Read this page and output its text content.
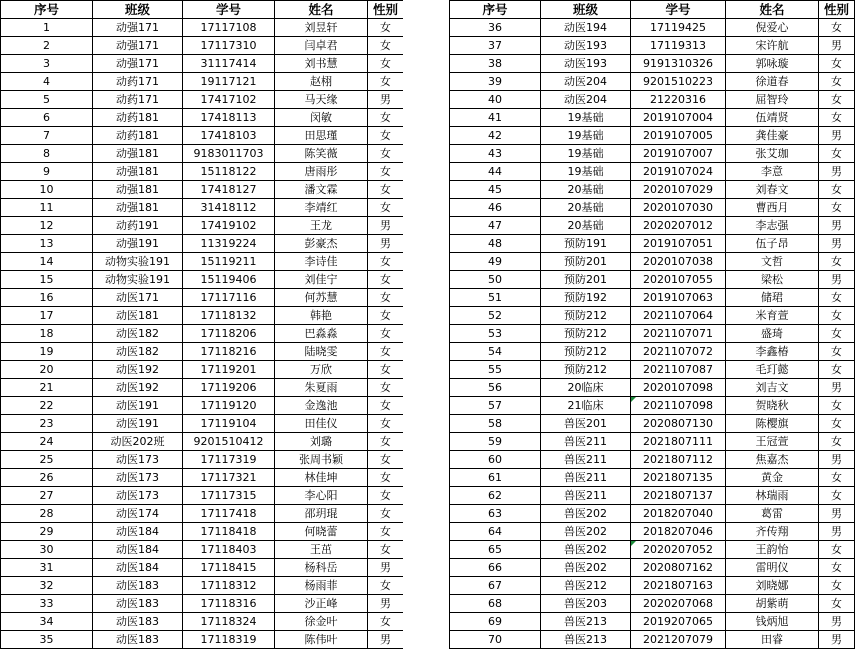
序号	班级	学号	姓名	性别
1	动强171	17117108	刘昱轩	女
2	动强171	17117310	闫卓君	女
3	动强171	31117414	刘书慧	女
4	动药171	19117121	赵栩	女
5	动药171	17417102	马天缘	男
6	动药181	17418113	闵敏	女
7	动药181	17418103	田思瑾	女
8	动强181	9183011703	陈笑薇	女
9	动强181	15118122	唐雨彤	女
10	动强181	17418127	潘文霖	女
11	动强181	31418112	李靖红	女
12	动药191	17419102	王龙	男
13	动强191	11319224	彭豪杰	男
14	动物实验191	15119211	李诗佳	女
15	动物实验191	15119406	刘佳宁	女
16	动医171	17117116	何苏慧	女
17	动医181	17118132	韩艳	女
18	动医182	17118206	巴淼淼	女
19	动医182	17118216	陆晓雯	女
20	动医192	17119201	万欣	女
21	动医192	17119206	朱夏雨	女
22	动医191	17119120	金逸池	女
23	动医191	17119104	田佳仪	女
24	动医202班	9201510412	刘璐	女
25	动医173	17117319	张周书颖	女
26	动医173	17117321	林佳坤	女
27	动医173	17117315	李心阳	女
28	动医174	17117418	邵玥琨	女
29	动医184	17118418	何晓蕾	女
30	动医184	17118403	王茁	女
31	动医184	17118415	杨科岳	男
32	动医183	17118312	杨雨菲	女
33	动医183	17118316	沙正峰	男
34	动医183	17118324	徐金叶	女
35	动医183	17118319	陈伟叶	男
序号	班级	学号	姓名	性别
36	动医194	17119425	倪爱心	女
37	动医193	17119313	宋许航	男
38	动医193	9191310326	郭咏璇	女
39	动医204	9201510223	徐道春	女
40	动医204	21220316	屈智玲	女
41	19基础	2019107004	伍靖贤	女
42	19基础	2019107005	龚佳豪	男
43	19基础	2019107007	张艾珈	女
44	19基础	2019107024	李意	男
45	20基础	2020107029	刘春文	女
46	20基础	2020107030	曹西月	女
47	20基础	2020207012	李志强	男
48	预防191	2019107051	伍子昂	男
49	预防201	2020107038	文哲	女
50	预防201	2020107055	梁松	男
51	预防192	2019107063	储珺	女
52	预防212	2021107064	米育萱	女
53	预防212	2021107071	盛琦	女
54	预防212	2021107072	李鑫椿	女
55	预防212	2021107087	毛玎懿	女
56	20临床	2020107098	刘吉文	男
57	21临床	2021107098	贺晓秋	女
58	兽医201	2020807130	陈樱旗	女
59	兽医211	2021807111	王冠萱	女
60	兽医211	2021807112	焦嘉杰	男
61	兽医211	2021807135	黄金	女
62	兽医211	2021807137	林瑞雨	女
63	兽医202	2018207040	葛雷	男
64	兽医202	2018207046	齐传翔	男
65	兽医202	2020207052	王韵怡	女
66	兽医202	2020807162	雷明仪	女
67	兽医212	2021807163	刘晓娜	女
68	兽医203	2020207068	胡紫萌	女
69	兽医213	2019207065	钱炳旭	男
70	兽医213	2021207079	田睿	男
